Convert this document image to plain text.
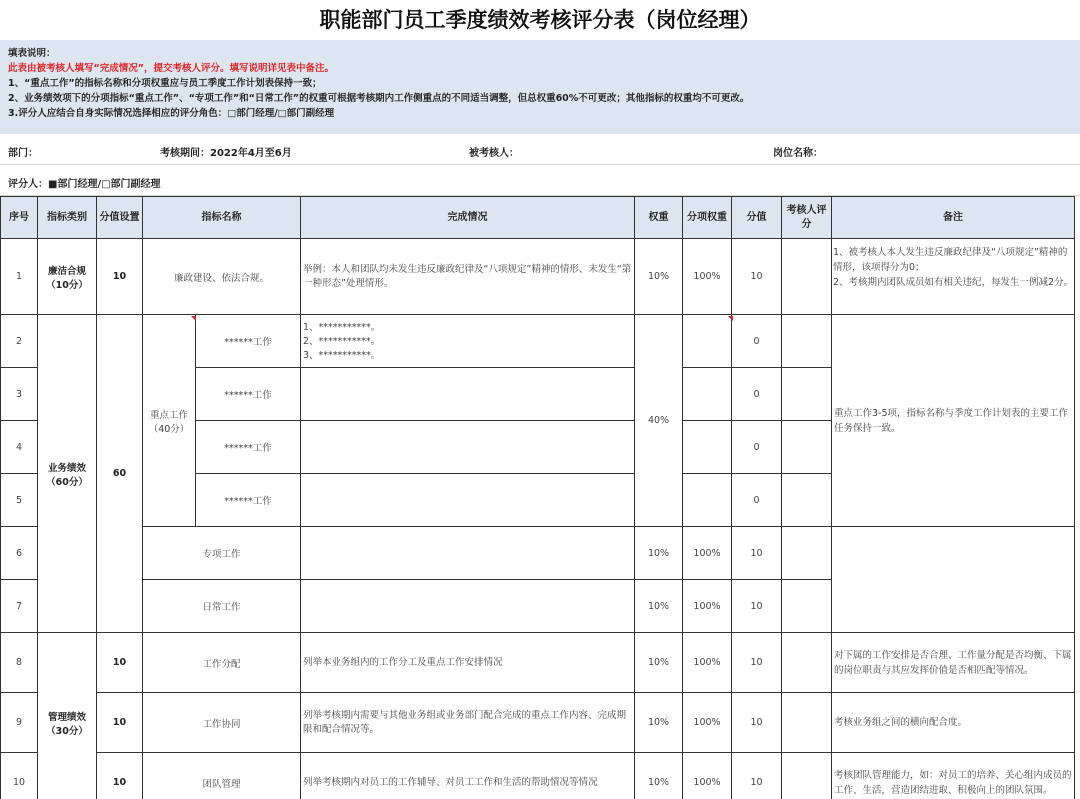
职能部门员工季度绩效考核评分表（岗位经理）
填表说明：
此表由被考核人填写“完成情况”，提交考核人评分。填写说明详见表中备注。
1、“重点工作”的指标名称和分项权重应与员工季度工作计划表保持一致；
2、业务绩效项下的分项指标“重点工作”、“专项工作”和“日常工作”的权重可根据考核期内工作侧重点的不同适当调整，但总权重60%不可更改；其他指标的权重均不可更改。
3.评分人应结合自身实际情况选择相应的评分角色：□部门经理/□部门副经理
部门：	考核期间：2022年4月至6月	被考核人：	岗位名称：
评分人：■部门经理/□部门副经理
序号	指标类别	分值设置	指标名称		完成情况	权重	分项权重	分值	考核人评分	备注
1	廉洁合规（10分）	10	廉政建设、依法合规。		举例：本人和团队均未发生违反廉政纪律及“八项规定”精神的情形、未发生“第一种形态”处理情形。	10%	100%	10		1、被考核人本人发生违反廉政纪律及“八项规定”精神的情形，该项得分为0；
2、考核期内团队成员如有相关违纪，每发生一例减2分。
2	业务绩效（60分）	60	重点工作（40分）	******工作	1、***********。
2、***********。
3、***********。	40%		0		重点工作3-5项，指标名称与季度工作计划表的主要工作任务保持一致。
3				******工作				0		
4				******工作				0		
5				******工作				0		
6			专项工作			10%	100%	10		
7			日常工作			10%	100%	10		
8	管理绩效（30分）	10	工作分配		列举本业务组内的工作分工及重点工作安排情况	10%	100%	10		对下属的工作安排是否合理、工作量分配是否均衡、下属的岗位职责与其应发挥价值是否相匹配等情况。
9		10	工作协同		列举考核期内需要与其他业务组或业务部门配合完成的重点工作内容、完成期限和配合情况等。	10%	100%	10		考核业务组之间的横向配合度。
10		10	团队管理		列举考核期内对员工的工作辅导、对员工工作和生活的帮助情况等情况	10%	100%	10		考核团队管理能力，如：对员工的培养、关心组内成员的工作、生活，营造团结进取、积极向上的团队氛围。
